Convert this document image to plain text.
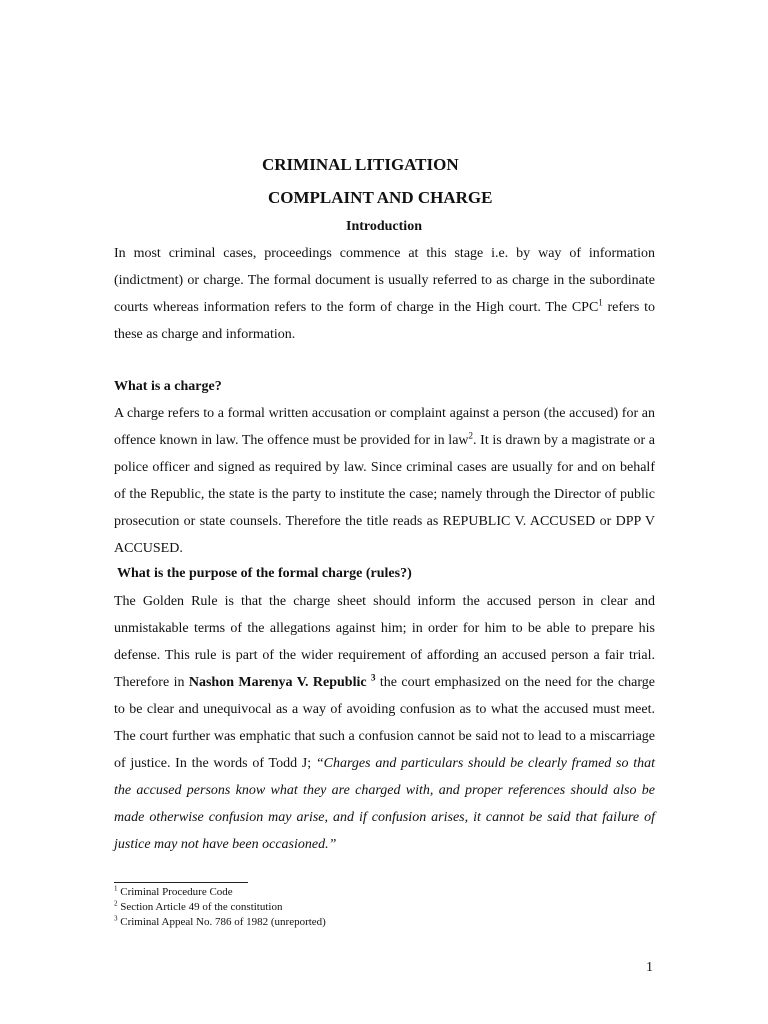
CRIMINAL LITIGATION
COMPLAINT AND CHARGE
Introduction
In most criminal cases, proceedings commence at this stage i.e. by way of information (indictment) or charge. The formal document is usually referred to as charge in the subordinate courts whereas information refers to the form of charge in the High court. The CPC$^1$ refers to these as charge and information.
What is a charge?
A charge refers to a formal written accusation or complaint against a person (the accused) for an offence known in law. The offence must be provided for in law$^2$. It is drawn by a magistrate or a police officer and signed as required by law. Since criminal cases are usually for and on behalf of the Republic, the state is the party to institute the case; namely through the Director of public prosecution or state counsels. Therefore the title reads as REPUBLIC V. ACCUSED or DPP V ACCUSED.
What is the purpose of the formal charge (rules?)
The Golden Rule is that the charge sheet should inform the accused person in clear and unmistakable terms of the allegations against him; in order for him to be able to prepare his defense. This rule is part of the wider requirement of affording an accused person a fair trial. Therefore in Nashon Marenya V. Republic $^3$ the court emphasized on the need for the charge to be clear and unequivocal as a way of avoiding confusion as to what the accused must meet. The court further was emphatic that such a confusion cannot be said not to lead to a miscarriage of justice. In the words of Todd J; “Charges and particulars should be clearly framed so that the accused persons know what they are charged with, and proper references should also be made otherwise confusion may arise, and if confusion arises, it cannot be said that failure of justice may not have been occasioned.”
$^1$ Criminal Procedure Code
$^2$ Section Article 49 of the constitution
$^3$ Criminal Appeal No. 786 of 1982 (unreported)
1
